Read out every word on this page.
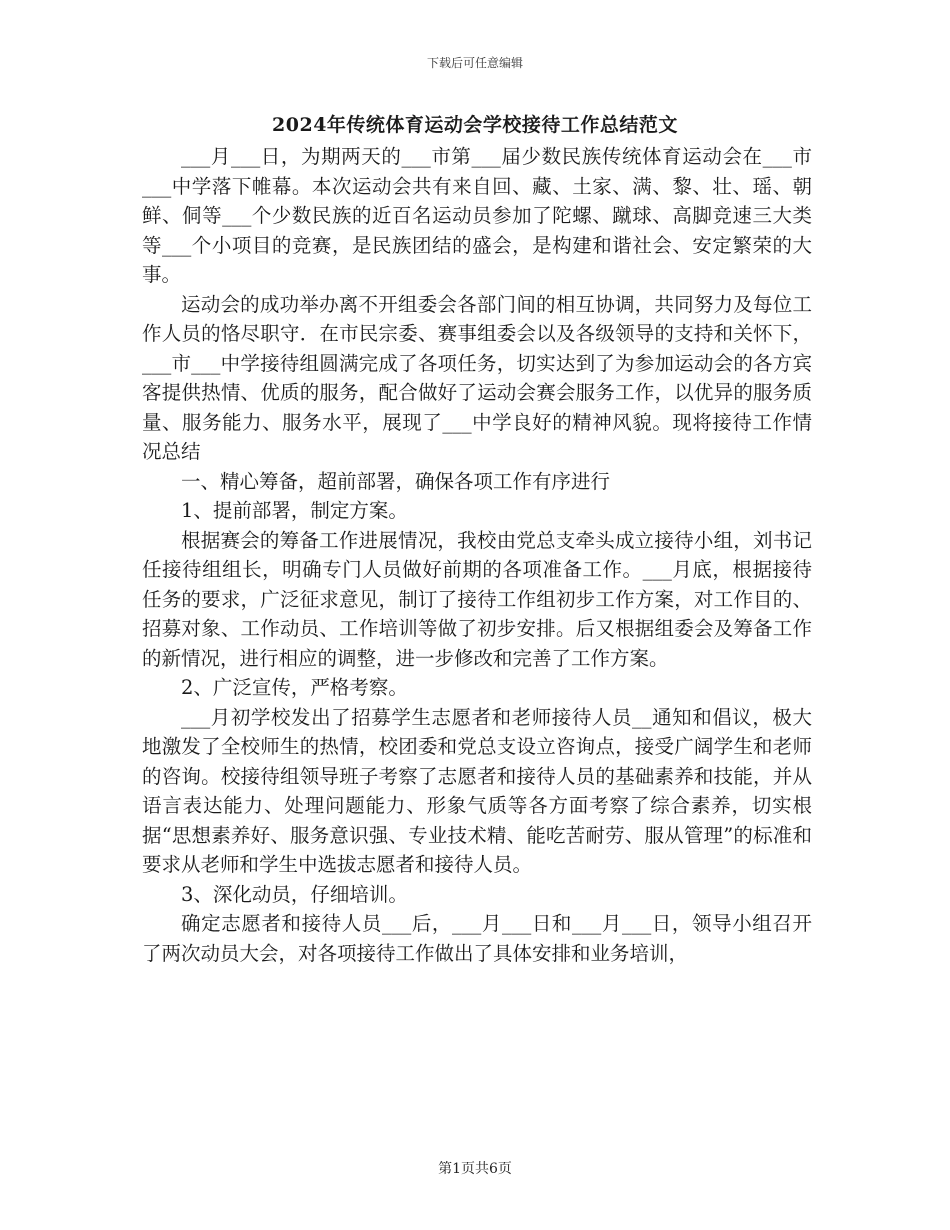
下载后可任意编辑
2024年传统体育运动会学校接待工作总结范文

___月___日，为期两天的___市第___届少数民族传统体育运动会在___市___中学落下帷幕。本次运动会共有来自回、藏、土家、满、黎、壮、瑶、朝鲜、侗等___个少数民族的近百名运动员参加了陀螺、蹴球、高脚竞速三大类等___个小项目的竞赛，是民族团结的盛会，是构建和谐社会、安定繁荣的大事。

运动会的成功举办离不开组委会各部门间的相互协调，共同努力及每位工作人员的恪尽职守．在市民宗委、赛事组委会以及各级领导的支持和关怀下，___市___中学接待组圆满完成了各项任务，切实达到了为参加运动会的各方宾客提供热情、优质的服务，配合做好了运动会赛会服务工作，以优异的服务质量、服务能力、服务水平，展现了___中学良好的精神风貌。现将接待工作情况总结

一、精心筹备，超前部署，确保各项工作有序进行

1、提前部署，制定方案。

根据赛会的筹备工作进展情况，我校由党总支牵头成立接待小组，刘书记任接待组组长，明确专门人员做好前期的各项准备工作。___月底，根据接待任务的要求，广泛征求意见，制订了接待工作组初步工作方案，对工作目的、招募对象、工作动员、工作培训等做了初步安排。后又根据组委会及筹备工作的新情况，进行相应的调整，进一步修改和完善了工作方案。

2、广泛宣传，严格考察。

___月初学校发出了招募学生志愿者和老师接待人员__通知和倡议，极大地激发了全校师生的热情，校团委和党总支设立咨询点，接受广阔学生和老师的咨询。校接待组领导班子考察了志愿者和接待人员的基础素养和技能，并从语言表达能力、处理问题能力、形象气质等各方面考察了综合素养，切实根据“思想素养好、服务意识强、专业技术精、能吃苦耐劳、服从管理”的标准和要求从老师和学生中选拔志愿者和接待人员。

3、深化动员，仔细培训。

确定志愿者和接待人员___后，___月___日和___月___日，领导小组召开了两次动员大会，对各项接待工作做出了具体安排和业务培训，

第1页共6页
